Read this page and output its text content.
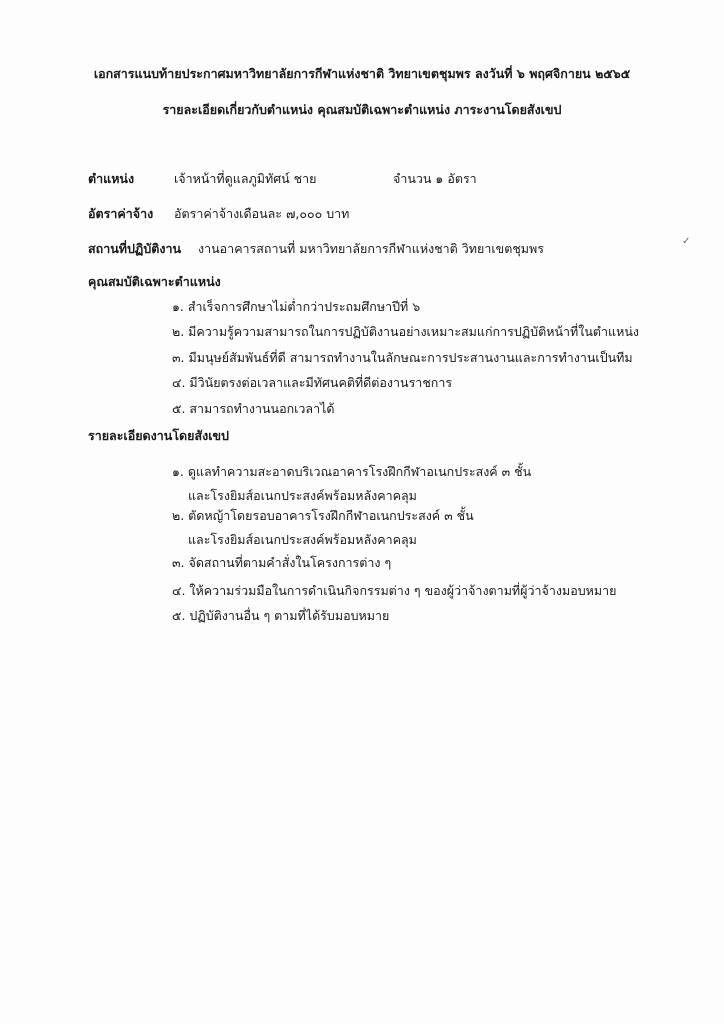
เอกสารแนบท้ายประกาศมหาวิทยาลัยการกีฬาแห่งชาติ วิทยาเขตชุมพร ลงวันที่ ๖ พฤศจิกายน ๒๕๖๕
รายละเอียดเกี่ยวกับตำแหน่ง คุณสมบัติเฉพาะตำแหน่ง ภาระงานโดยสังเขป
ตำแหน่ง	เจ้าหน้าที่ดูแลภูมิทัศน์ ชาย	จำนวน ๑ อัตรา
อัตราค่าจ้าง อัตราค่าจ้างเดือนละ ๗,๐๐๐ บาท
สถานที่ปฏิบัติงาน งานอาคารสถานที่ มหาวิทยาลัยการกีฬาแห่งชาติ วิทยาเขตชุมพร
คุณสมบัติเฉพาะตำแหน่ง
๑. สำเร็จการศึกษาไม่ต่ำกว่าประถมศึกษาปีที่ ๖
๒. มีความรู้ความสามารถในการปฏิบัติงานอย่างเหมาะสมแก่การปฏิบัติหน้าที่ในตำแหน่ง
๓. มีมนุษย์สัมพันธ์ที่ดี สามารถทำงานในลักษณะการประสานงานและการทำงานเป็นทีม
๔. มีวินัยตรงต่อเวลาและมีทัศนคติที่ดีต่องานราชการ
๕. สามารถทำงานนอกเวลาได้
รายละเอียดงานโดยสังเขป
๑. ดูแลทำความสะอาดบริเวณอาคารโรงฝึกกีฬาอเนกประสงค์ ๓ ชั้น
และโรงยิมส์อเนกประสงค์พร้อมหลังคาคลุม
๒. ตัดหญ้าโดยรอบอาคารโรงฝึกกีฬาอเนกประสงค์ ๓ ชั้น
และโรงยิมส์อเนกประสงค์พร้อมหลังคาคลุม
๓. จัดสถานที่ตามคำสั่งในโครงการต่าง ๆ
๔. ให้ความร่วมมือในการดำเนินกิจกรรมต่าง ๆ ของผู้ว่าจ้างตามที่ผู้ว่าจ้างมอบหมาย
๕. ปฏิบัติงานอื่น ๆ ตามที่ได้รับมอบหมาย
✓
